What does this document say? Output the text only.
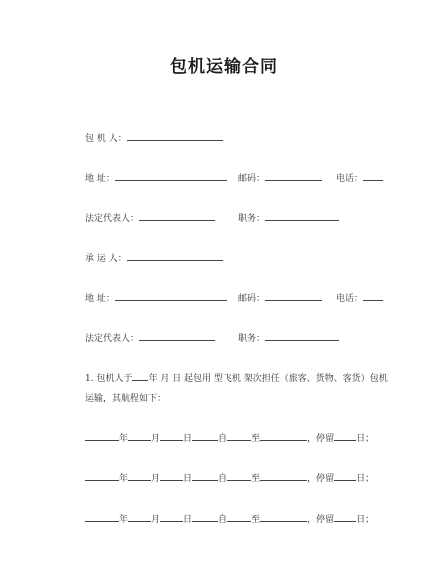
包机运输合同
包 机 人：
地 址：	邮码：	电话：
法定代表人：	职务：
承 运 人：
地 址：	邮码：	电话：
法定代表人：	职务：
1. 包机人于 年 月 日 起包用 型飞机 架次担任（旅客、货物、客货）包机
运输，其航程如下：
年	月	日	自	至	，停留 日；
年	月	日	自	至	，停留 日；
年	月	日	自	至	，停留 日；
